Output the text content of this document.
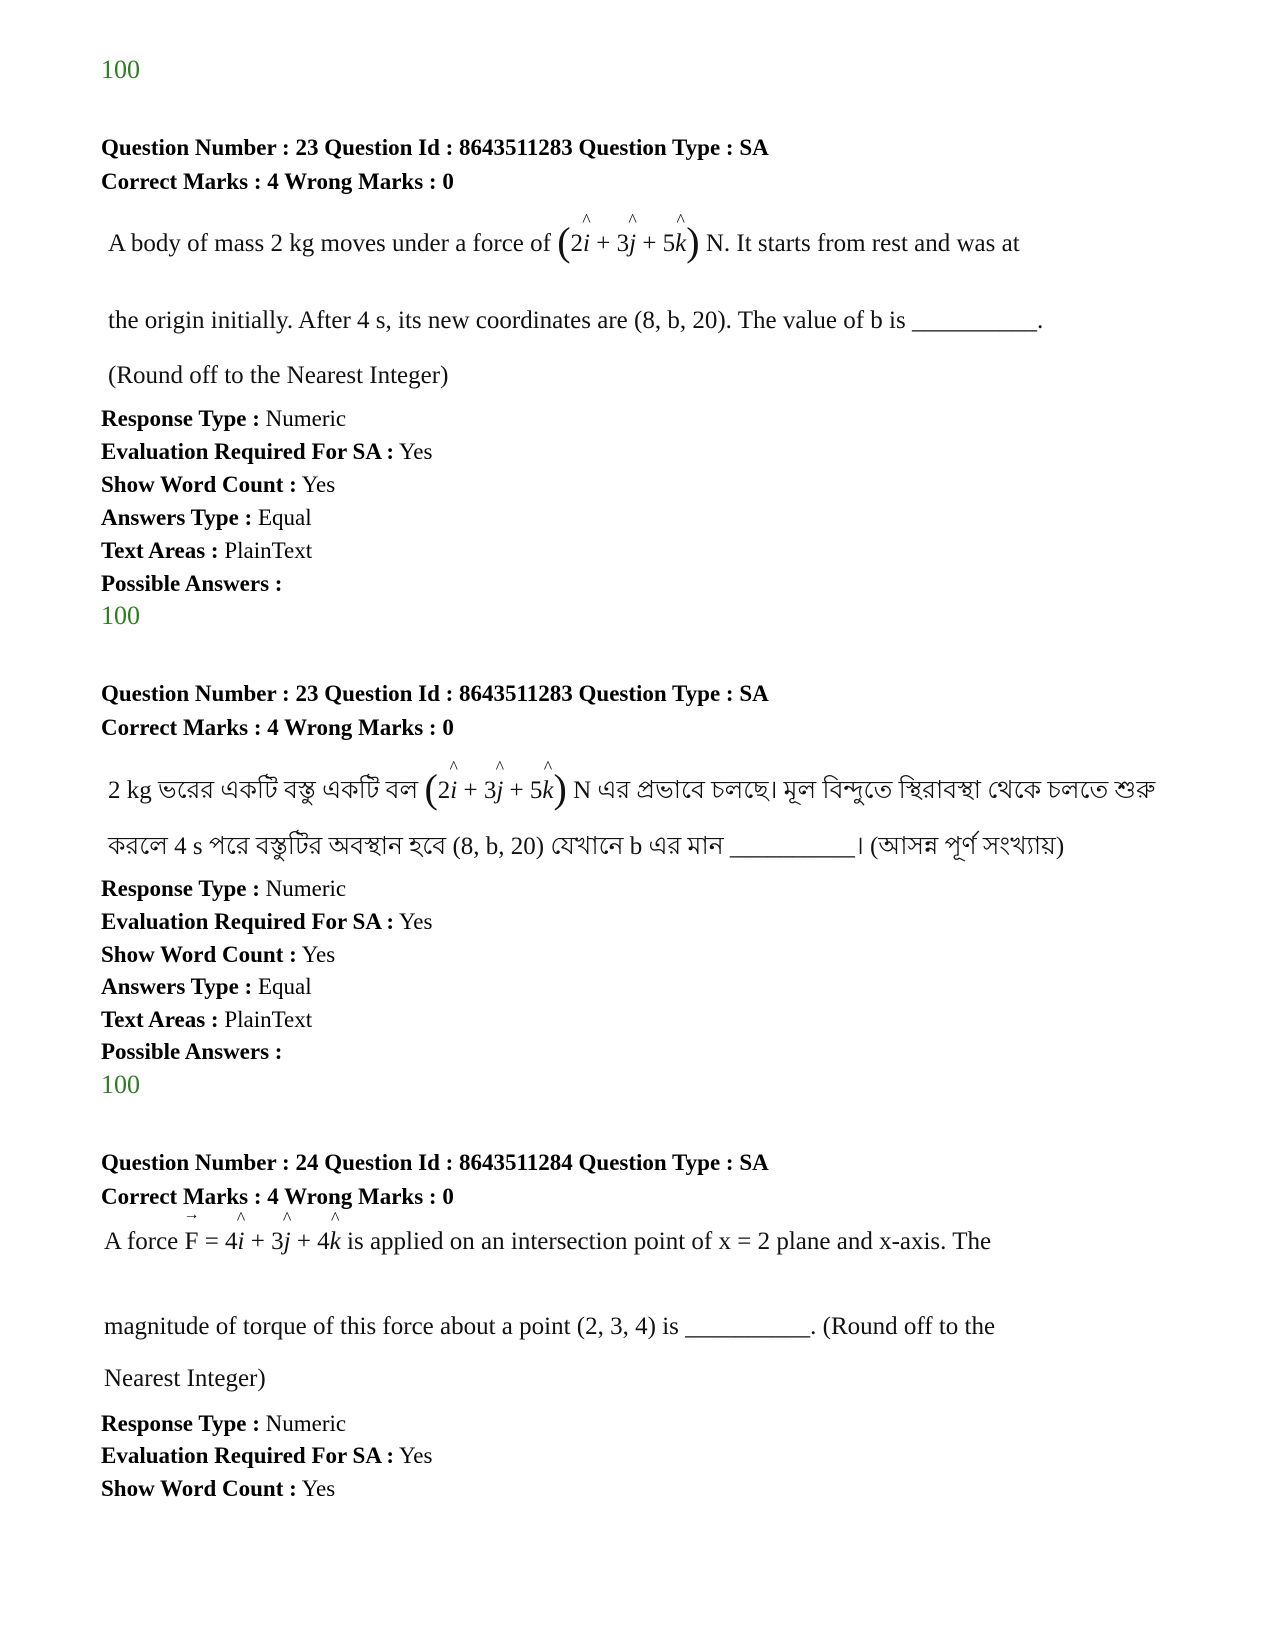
100
Question Number : 23 Question Id : 8643511283 Question Type : SA
Correct Marks : 4 Wrong Marks : 0
A body of mass 2 kg moves under a force of (2
^
i + 3
^
j + 5
^
k) N. It starts from rest and was at
the origin initially. After 4 s, its new coordinates are (8, b, 20). The value of b is __________.
(Round off to the Nearest Integer)
Response Type : Numeric
Evaluation Required For SA : Yes
Show Word Count : Yes
Answers Type : Equal
Text Areas : PlainText
Possible Answers :
100
Question Number : 23 Question Id : 8643511283 Question Type : SA
Correct Marks : 4 Wrong Marks : 0
2 kg ভরের একটি বস্তু একটি বল (2
^
i + 3
^
j + 5
^
k) N এর প্রভাবে চলছে। মূল বিন্দুতে স্থিরাবস্থা থেকে চলতে শুরু
করলে 4 s পরে বস্তুটির অবস্থান হবে (8, b, 20) যেখানে b এর মান __________। (আসন্ন পূর্ণ সংখ্যায়)
Response Type : Numeric
Evaluation Required For SA : Yes
Show Word Count : Yes
Answers Type : Equal
Text Areas : PlainText
Possible Answers :
100
Question Number : 24 Question Id : 8643511284 Question Type : SA
Correct Marks : 4 Wrong Marks : 0
A force
→
F = 4
^
i + 3
^
j + 4
^
k is applied on an intersection point of x = 2 plane and x-axis. The
magnitude of torque of this force about a point (2, 3, 4) is __________. (Round off to the
Nearest Integer)
Response Type : Numeric
Evaluation Required For SA : Yes
Show Word Count : Yes
